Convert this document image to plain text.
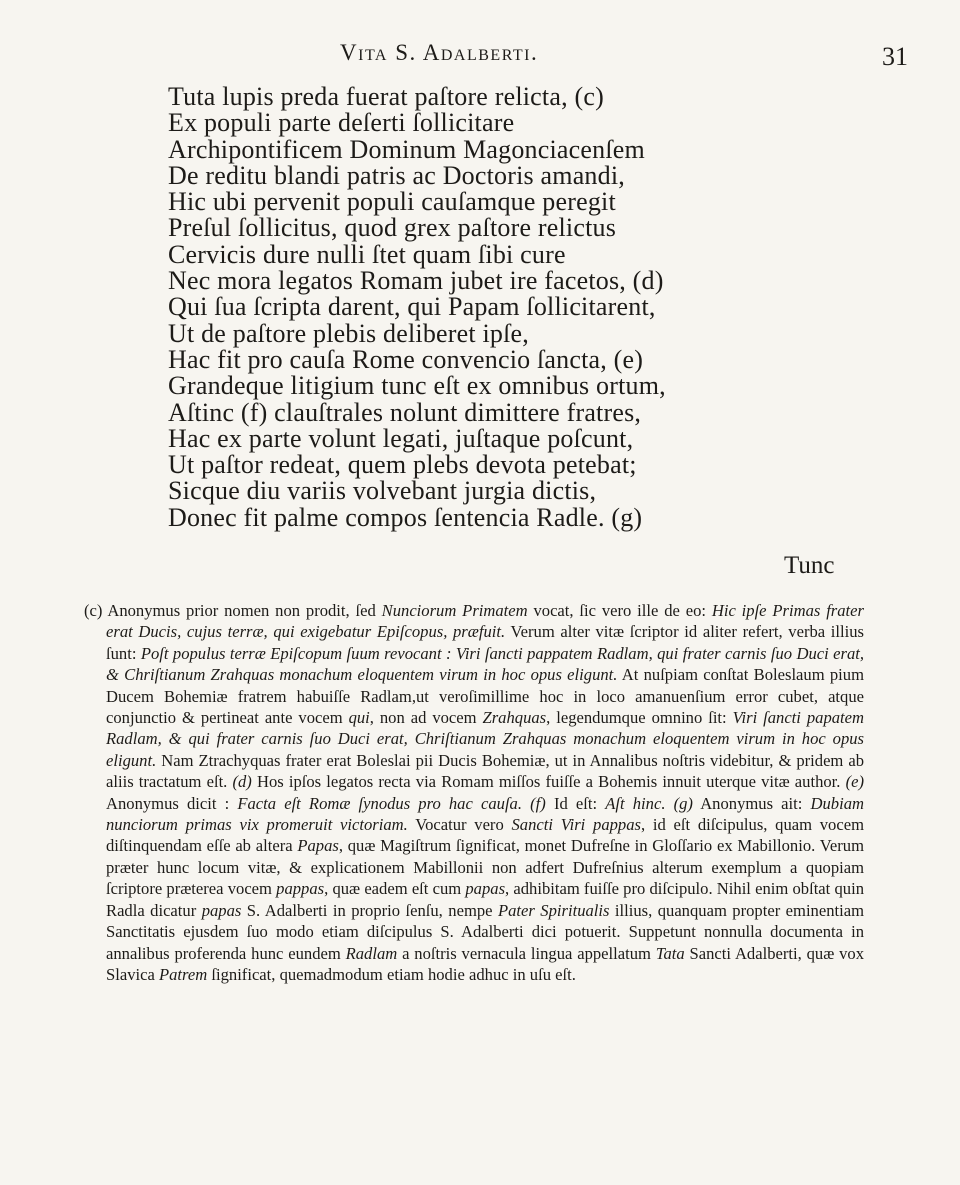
Vita S. Adalberti.	31
Tuta lupis preda fuerat paſtore relicta, (c)
Ex populi parte deſerti ſollicitare
Archipontificem Dominum Magonciacenſem
De reditu blandi patris ac Doctoris amandi,
Hic ubi pervenit populi cauſamque peregit
Preſul ſollicitus, quod grex paſtore relictus
Cervicis dure nulli ſtet quam ſibi cure
Nec mora legatos Romam jubet ire facetos, (d)
Qui ſua ſcripta darent, qui Papam ſollicitarent,
Ut de paſtore plebis deliberet ipſe,
Hac fit pro cauſa Rome convencio ſancta, (e)
Grandeque litigium tunc eſt ex omnibus ortum,
Aſtinc (f) clauſtrales nolunt dimittere fratres,
Hac ex parte volunt legati, juſtaque poſcunt,
Ut paſtor redeat, quem plebs devota petebat;
Sicque diu variis volvebant jurgia dictis,
Donec fit palme compos ſentencia Radle. (g)
Tunc

(c) Anonymus prior nomen non prodit, ſed Nunciorum Primatem vocat, ſic vero ille de eo: Hic ipſe Primas frater erat Ducis, cujus terræ, qui exigebatur Epiſcopus, præfuit. Verum alter vitæ ſcriptor id aliter refert, verba illius ſunt: Poſt populus terræ Epiſcopum ſuum revocant : Viri ſancti pappatem Radlam, qui frater carnis ſuo Duci erat, & Chriſtianum Zrahquas monachum eloquentem virum in hoc opus eligunt. At nuſpiam conſtat Boleslaum pium Ducem Bohemiæ fratrem habuiſſe Radlam,ut veroſimillime hoc in loco amanuenſium error cubet, atque conjunctio & pertineat ante vocem qui, non ad vocem Zrahquas, legendumque omnino ſit: Viri ſancti papatem Radlam, & qui frater carnis ſuo Duci erat, Chriſtianum Zrahquas monachum eloquentem virum in hoc opus eligunt. Nam Ztrachyquas frater erat Boleslai pii Ducis Bohemiæ, ut in Annalibus noſtris videbitur, & pridem ab aliis tractatum eſt. (d) Hos ipſos legatos recta via Romam miſſos fuiſſe a Bohemis innuit uterque vitæ author. (e) Anonymus dicit : Facta eſt Romæ ſynodus pro hac cauſa. (f) Id eſt: Aſt hinc. (g) Anonymus ait: Dubiam nunciorum primas vix promeruit victoriam. Vocatur vero Sancti Viri pappas, id eſt diſcipulus, quam vocem diſtinquendam eſſe ab altera Papas, quæ Magiſtrum ſignificat, monet Dufreſne in Gloſſario ex Mabillonio. Verum præter hunc locum vitæ, & explicationem Mabillonii non adfert Dufreſnius alterum exemplum a quopiam ſcriptore præterea vocem pappas, quæ eadem eſt cum papas, adhibitam fuiſſe pro diſcipulo. Nihil enim obſtat quin Radla dicatur papas S. Adalberti in proprio ſenſu, nempe Pater Spiritualis illius, quanquam propter eminentiam Sanctitatis ejusdem ſuo modo etiam diſcipulus S. Adalberti dici potuerit. Suppetunt nonnulla documenta in annalibus proferenda hunc eundem Radlam a noſtris vernacula lingua appellatum Tata Sancti Adalberti, quæ vox Slavica Patrem ſignificat, quemadmodum etiam hodie adhuc in uſu eſt.
